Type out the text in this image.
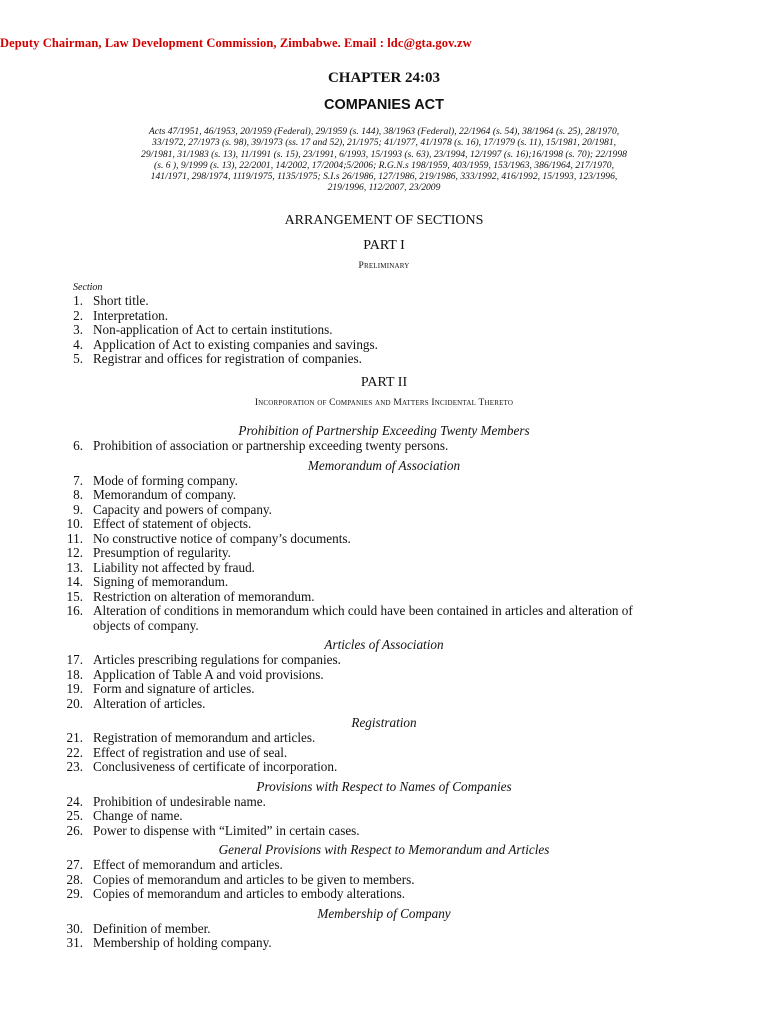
Deputy Chairman, Law Development Commission, Zimbabwe. Email : ldc@gta.gov.zw
CHAPTER 24:03
COMPANIES ACT
Acts 47/1951, 46/1953, 20/1959 (Federal), 29/1959 (s. 144), 38/1963 (Federal), 22/1964 (s. 54), 38/1964 (s. 25), 28/1970, 33/1972, 27/1973 (s. 98), 39/1973 (ss. 17 and 52), 21/1975; 41/1977, 41/1978 (s. 16), 17/1979 (s. 11), 15/1981, 20/1981, 29/1981, 31/1983 (s. 13), 11/1991 (s. 15), 23/1991, 6/1993, 15/1993 (s. 63), 23/1994, 12/1997 (s. 16);16/1998 (s. 70); 22/1998 (s. 6 ), 9/1999 (s. 13), 22/2001, 14/2002, 17/2004;5/2006; R.G.N.s 198/1959, 403/1959, 153/1963, 386/1964, 217/1970, 141/1971, 298/1974, 1119/1975, 1135/1975; S.I.s 26/1986, 127/1986, 219/1986, 333/1992, 416/1992, 15/1993, 123/1996, 219/1996, 112/2007, 23/2009
ARRANGEMENT OF SECTIONS
PART I
Preliminary
Section
1. Short title.
2. Interpretation.
3. Non-application of Act to certain institutions.
4. Application of Act to existing companies and savings.
5. Registrar and offices for registration of companies.
PART II
Incorporation of Companies and Matters Incidental Thereto
Prohibition of Partnership Exceeding Twenty Members
6. Prohibition of association or partnership exceeding twenty persons.
Memorandum of Association
7. Mode of forming company.
8. Memorandum of company.
9. Capacity and powers of company.
10. Effect of statement of objects.
11. No constructive notice of company’s documents.
12. Presumption of regularity.
13. Liability not affected by fraud.
14. Signing of memorandum.
15. Restriction on alteration of memorandum.
16. Alteration of conditions in memorandum which could have been contained in articles and alteration of objects of company.
Articles of Association
17. Articles prescribing regulations for companies.
18. Application of Table A and void provisions.
19. Form and signature of articles.
20. Alteration of articles.
Registration
21. Registration of memorandum and articles.
22. Effect of registration and use of seal.
23. Conclusiveness of certificate of incorporation.
Provisions with Respect to Names of Companies
24. Prohibition of undesirable name.
25. Change of name.
26. Power to dispense with “Limited” in certain cases.
General Provisions with Respect to Memorandum and Articles
27. Effect of memorandum and articles.
28. Copies of memorandum and articles to be given to members.
29. Copies of memorandum and articles to embody alterations.
Membership of Company
30. Definition of member.
31. Membership of holding company.
